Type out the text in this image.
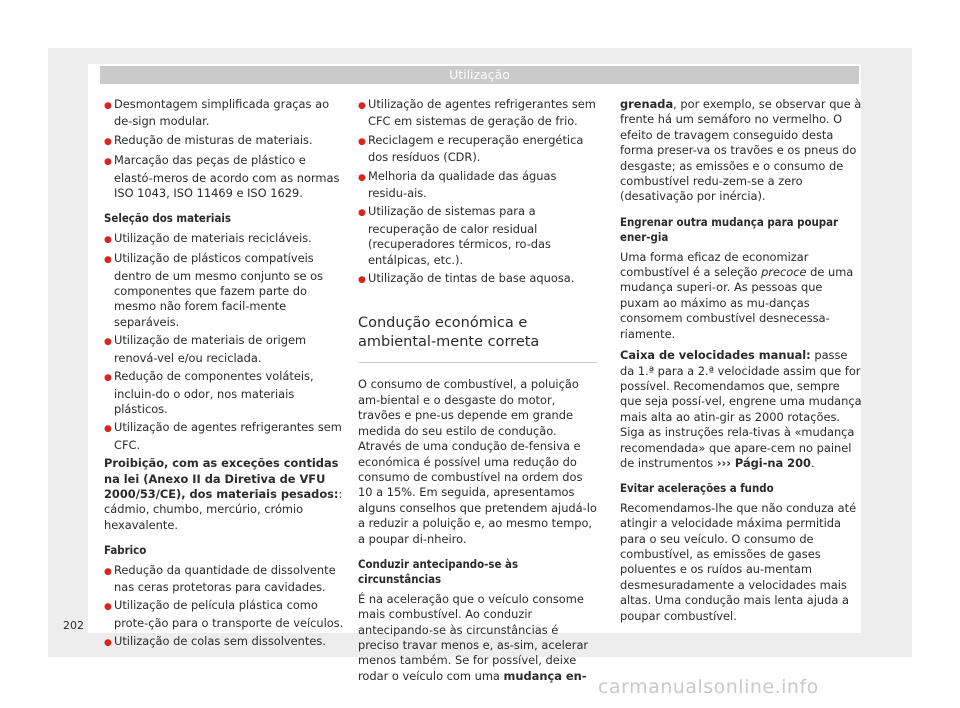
Utilização

● Desmontagem simplificada graças ao de-sign modular.

● Redução de misturas de materiais.

● Marcação das peças de plástico e elastó-meros de acordo com as normas ISO 1043, ISO 11469 e ISO 1629.

Seleção dos materiais

● Utilização de materiais recicláveis.

● Utilização de plásticos compatíveis dentro de um mesmo conjunto se os componentes que fazem parte do mesmo não forem facil-mente separáveis.

● Utilização de materiais de origem renová-vel e/ou reciclada.

● Redução de componentes voláteis, incluin-do o odor, nos materiais plásticos.

● Utilização de agentes refrigerantes sem CFC.

Proibição, com as exceções contidas na lei (Anexo II da Diretiva de VFU 2000/53/CE), dos materiais pesados:: cádmio, chumbo, mercúrio, crómio hexavalente.

Fabrico

● Redução da quantidade de dissolvente nas ceras protetoras para cavidades.

● Utilização de película plástica como prote-ção para o transporte de veículos.

● Utilização de colas sem dissolventes.

● Utilização de agentes refrigerantes sem CFC em sistemas de geração de frio.

● Reciclagem e recuperação energética dos resíduos (CDR).

● Melhoria da qualidade das águas residu-ais.

● Utilização de sistemas para a recuperação de calor residual (recuperadores térmicos, ro-das entálpicas, etc.).

● Utilização de tintas de base aquosa.

Condução económica e ambiental-mente correta

O consumo de combustível, a poluição am-biental e o desgaste do motor, travões e pne-us depende em grande medida do seu estilo de condução. Através de uma condução de-fensiva e económica é possível uma redução do consumo de combustível na ordem dos 10 a 15%. Em seguida, apresentamos alguns conselhos que pretendem ajudá-lo a reduzir a poluição e, ao mesmo tempo, a poupar di-nheiro.

Conduzir antecipando-se às circunstâncias

É na aceleração que o veículo consome mais combustível. Ao conduzir antecipando-se às circunstâncias é preciso travar menos e, as-sim, acelerar menos também. Se for possível, deixe rodar o veículo com uma mudança en-

grenada, por exemplo, se observar que à frente há um semáforo no vermelho. O efeito de travagem conseguido desta forma preser-va os travões e os pneus do desgaste; as emissões e o consumo de combustível redu-zem-se a zero (desativação por inércia).

Engrenar outra mudança para poupar ener-gia

Uma forma eficaz de economizar combustível é a seleção precoce de uma mudança superi-or. As pessoas que puxam ao máximo as mu-danças consomem combustível desnecessa-riamente.

Caixa de velocidades manual: passe da 1.ª para a 2.ª velocidade assim que for possível. Recomendamos que, sempre que seja possí-vel, engrene uma mudança mais alta ao atin-gir as 2000 rotações. Siga as instruções rela-tivas à «mudança recomendada» que apare-cem no painel de instrumentos ››› Pági-na 200.

Evitar acelerações a fundo

Recomendamos-lhe que não conduza até atingir a velocidade máxima permitida para o seu veículo. O consumo de combustível, as emissões de gases poluentes e os ruídos au-mentam desmesuradamente a velocidades mais altas. Uma condução mais lenta ajuda a poupar combustível.

202
carmanualsonline.info
